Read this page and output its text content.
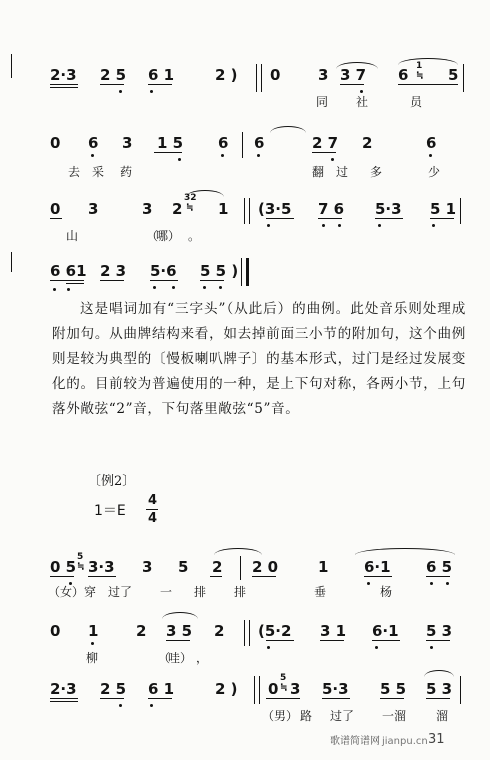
2·3 2 5 6 1	2 ) 0	3 3 7 6 1
≒ 5
同 社	员
0 6 3 1 5 6 6	2 7 2	6
去 采 药	翻 过 多	少
0 3	3 2
32
≒ 1 (3·5 7 6 5·3 5 1
山	（
哪） 。
6 61 2 3 5·6 5 5 )
这是唱词加有“三字头”（从此后）的曲例。此处音乐则处理成附加句。从曲牌结构来看，如去掉前面三小节的附加句，这个曲例则是较为典型的〔慢板喇叭牌子〕的基本形式，过门是经过发展变化的。目前较为普遍使用的一种，是上下句对称，各两小节，上句落外敞弦“2”音，下句落里敞弦“5”音。
〔例2〕
1＝E
4
4
0 5
5
≒ 3·3 3 5 2 2 0	1 6·1 6 5
（女） 穿 过了 一 排 排	垂	杨
0 1	2 3 5 2 (5·2 3 1 6·1 5 3
柳	（
哇） ，
2·3 2 5 6 1	2 ) 0
5
≒ 3 5·3 5 5 5 3
（男） 路 过了 一溜 溜
歌谱简谱网 jianpu.cn 31
